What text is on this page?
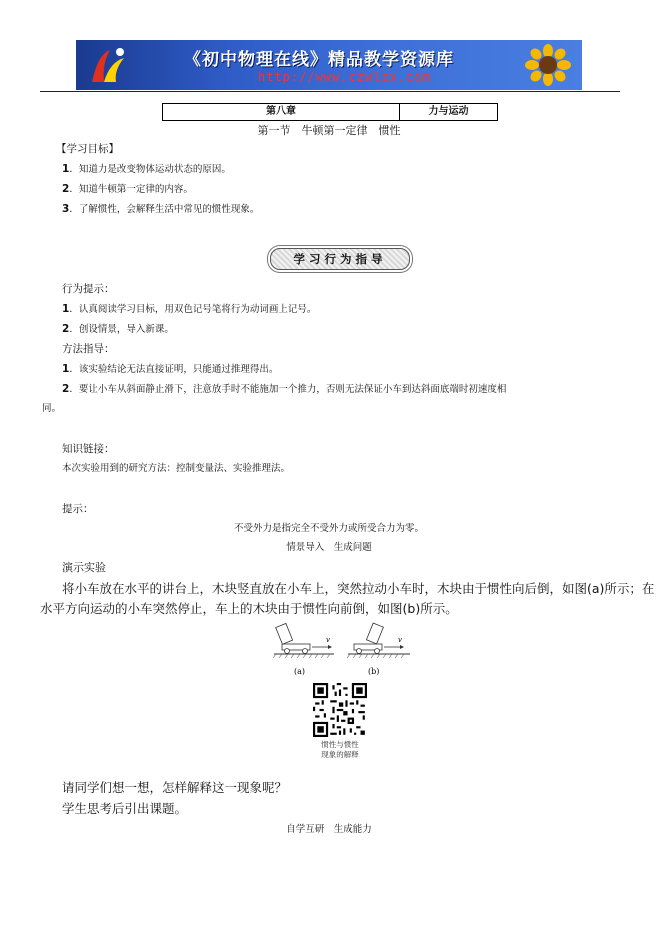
《初中物理在线》精品教学资源库
http://www.czwlzx.com
第八章	力与运动
第一节　牛顿第一定律　惯性
【学习目标】
1．知道力是改变物体运动状态的原因。
2．知道牛顿第一定律的内容。
3．了解惯性，会解释生活中常见的惯性现象。
学习行为指导
行为提示：
1．认真阅读学习目标，用双色记号笔将行为动词画上记号。
2．创设情景，导入新课。
方法指导：
1．该实验结论无法直接证明，只能通过推理得出。
2．要让小车从斜面静止滑下，注意放手时不能施加一个推力，否则无法保证小车到达斜面底端时初速度相
同。
知识链接：
本次实验用到的研究方法：控制变量法、实验推理法。
提示：
不受外力是指完全不受外力或所受合力为零。
情景导入　生成问题
演示实验
将小车放在水平的讲台上，木块竖直放在小车上，突然拉动小车时，木块由于惯性向后倒，如图(a)所示；在
水平方向运动的小车突然停止，车上的木块由于惯性向前倒，如图(b)所示。
v
(a)
v
(b)
惯性与惯性
现象的解释
请同学们想一想，怎样解释这一现象呢？
学生思考后引出课题。
自学互研　生成能力
